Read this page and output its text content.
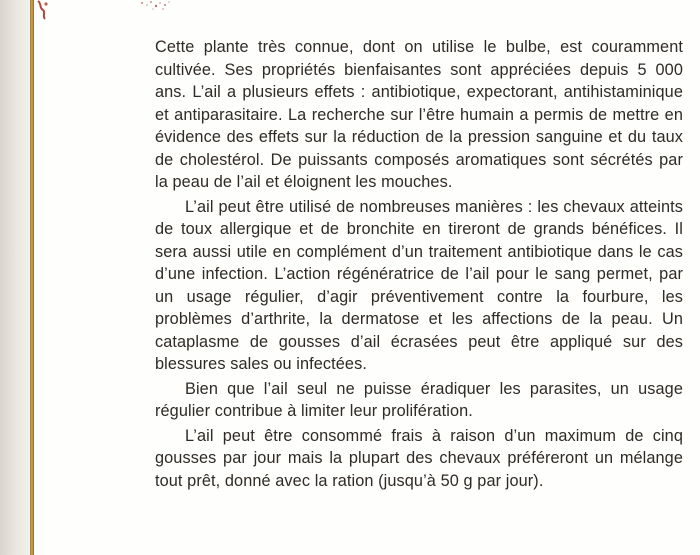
Cette plante très connue, dont on utilise le bulbe, est couramment cultivée. Ses propriétés bienfaisantes sont appréciées depuis 5 000 ans. L’ail a plusieurs effets : antibiotique, expectorant, antihistaminique et antiparasitaire. La recherche sur l’être humain a permis de mettre en évidence des effets sur la réduction de la pression sanguine et du taux de cholestérol. De puissants composés aromatiques sont sécrétés par la peau de l’ail et éloignent les mouches.

L’ail peut être utilisé de nombreuses manières : les chevaux atteints de toux allergique et de bronchite en tireront de grands bénéfices. Il sera aussi utile en complément d’un traitement antibiotique dans le cas d’une infection. L’action régénératrice de l’ail pour le sang permet, par un usage régulier, d’agir préventivement contre la fourbure, les problèmes d’arthrite, la dermatose et les affections de la peau. Un cataplasme de gousses d’ail écrasées peut être appliqué sur des blessures sales ou infectées.

Bien que l’ail seul ne puisse éradiquer les parasites, un usage régulier contribue à limiter leur prolifération.

L’ail peut être consommé frais à raison d’un maximum de cinq gousses par jour mais la plupart des chevaux préféreront un mélange tout prêt, donné avec la ration (jusqu’à 50 g par jour).
